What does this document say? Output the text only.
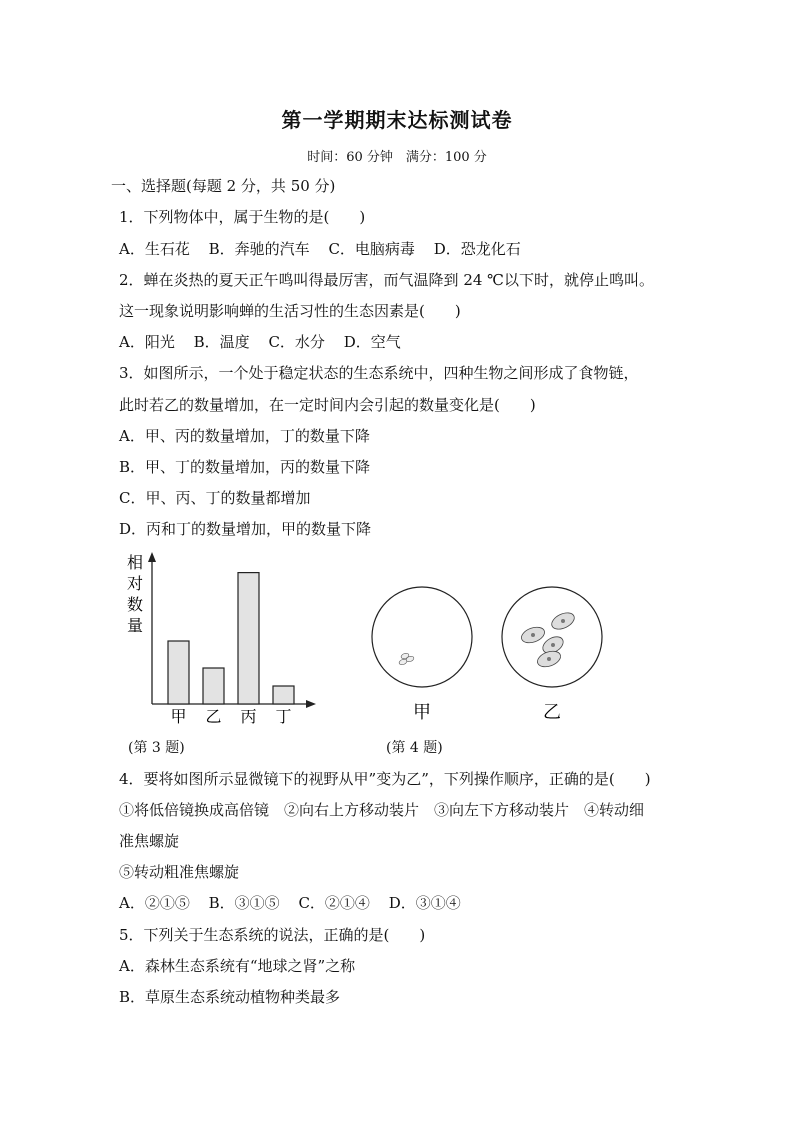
第一学期期末达标测试卷
时间：60 分钟　满分：100 分
一、选择题(每题 2 分，共 50 分)
1．下列物体中，属于生物的是(　　)
A．生石花 B．奔驰的汽车 C．电脑病毒 D．恐龙化石
2．蝉在炎热的夏天正午鸣叫得最厉害，而气温降到 24 ℃以下时，就停止鸣叫。
这一现象说明影响蝉的生活习性的生态因素是(　　)
A．阳光 B．温度 C．水分 D．空气
3．如图所示，一个处于稳定状态的生态系统中，四种生物之间形成了食物链，
此时若乙的数量增加，在一定时间内会引起的数量变化是(　　)
A．甲、丙的数量增加，丁的数量下降
B．甲、丁的数量增加，丙的数量下降
C．甲、丙、丁的数量都增加
D．丙和丁的数量增加，甲的数量下降
相
对
数
量
甲 乙 丙 丁
(第 3 题)
甲	乙
(第 4 题)
4．要将如图所示显微镜下的视野从甲”变为乙”，下列操作顺序，正确的是(　　)
①将低倍镜换成高倍镜　②向右上方移动装片　③向左下方移动装片　④转动细
准焦螺旋
⑤转动粗准焦螺旋
A．②①⑤ B．③①⑤ C．②①④ D．③①④
5．下列关于生态系统的说法，正确的是(　　)
A．森林生态系统有“地球之肾”之称
B．草原生态系统动植物种类最多
